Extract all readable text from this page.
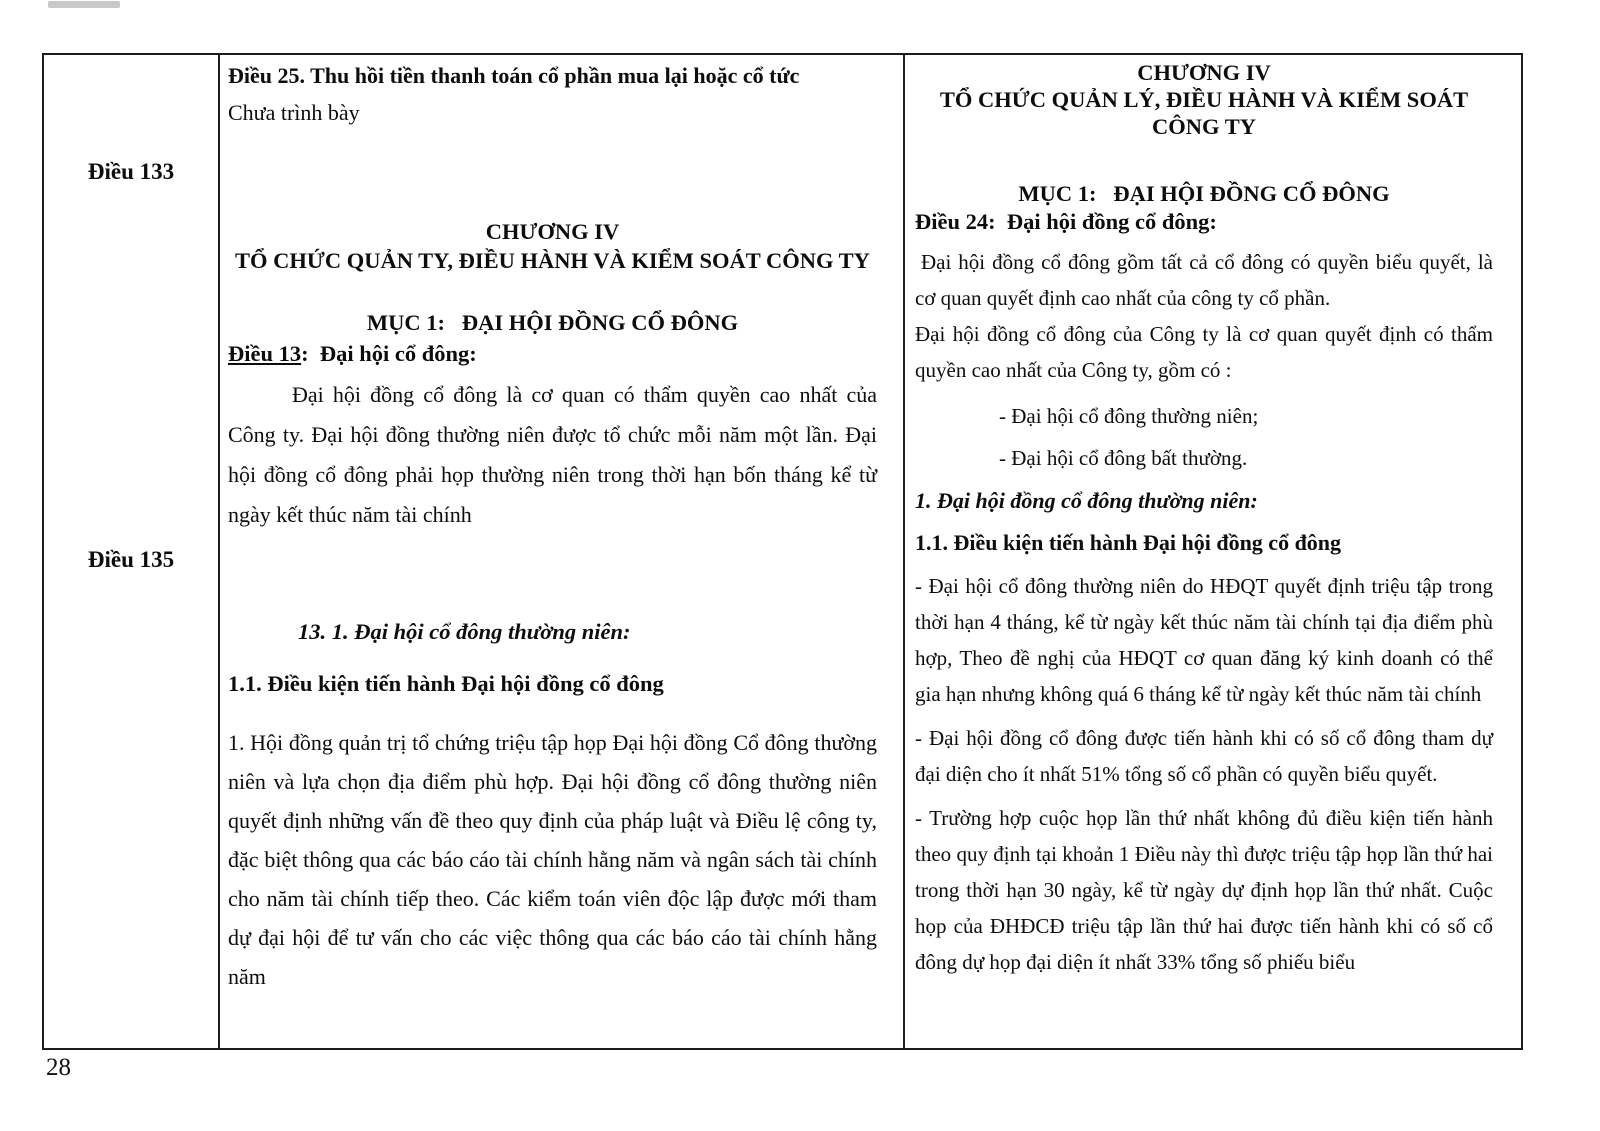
Điều 133
Điều 135
Điều 25. Thu hồi tiền thanh toán cổ phần mua lại hoặc cổ tức
Chưa trình bày
CHƯƠNG IV
TỔ CHỨC QUẢN TY, ĐIỀU HÀNH VÀ KIỂM SOÁT CÔNG TY
MỤC 1:   ĐẠI HỘI ĐỒNG CỔ ĐÔNG
Điều 13:  Đại hội cổ đông:
Đại hội đồng cổ đông là cơ quan có thẩm quyền cao nhất của Công ty. Đại hội đồng thường niên được tổ chức mỗi năm một lần. Đại hội đồng cổ đông phải họp thường niên trong thời hạn bốn tháng kể từ ngày kết thúc năm tài chính
13. 1. Đại hội cổ đông thường niên:
1.1. Điều kiện tiến hành Đại hội đồng cổ đông
1. Hội đồng quản trị tổ chứng triệu tập họp Đại hội đồng Cổ đông thường niên và lựa chọn địa điểm phù hợp. Đại hội đồng cổ đông thường niên quyết định những vấn đề theo quy định của pháp luật và Điều lệ công ty, đặc biệt thông qua các báo cáo tài chính hằng năm và ngân sách tài chính cho năm tài chính tiếp theo. Các kiểm toán viên độc lập được mới tham dự đại hội để tư vấn cho các việc thông qua các báo cáo tài chính hằng năm
CHƯƠNG IV
TỔ CHỨC QUẢN LÝ, ĐIỀU HÀNH VÀ KIỂM SOÁT
CÔNG TY
MỤC 1:   ĐẠI HỘI ĐỒNG CỔ ĐÔNG
Điều 24:  Đại hội đồng cổ đông:
Đại hội đồng cổ đông gồm tất cả cổ đông có quyền biểu quyết, là cơ quan quyết định cao nhất của công ty cổ phần.
Đại hội đồng cổ đông của Công ty là cơ quan quyết định có thẩm quyền cao nhất của Công ty, gồm có :
- Đại hội cổ đông thường niên;
- Đại hội cổ đông bất thường.
1. Đại hội đồng cổ đông thường niên:
1.1. Điều kiện tiến hành Đại hội đồng cổ đông
- Đại hội cổ đông thường niên do HĐQT quyết định triệu tập trong thời hạn 4 tháng, kể từ ngày kết thúc năm tài chính tại địa điểm phù hợp, Theo đề nghị của HĐQT cơ quan đăng ký kinh doanh có thể gia hạn nhưng không quá 6 tháng kể từ ngày kết thúc năm tài chính
- Đại hội đồng cổ đông được tiến hành khi có số cổ đông tham dự đại diện cho ít nhất 51% tổng số cổ phần có quyền biểu quyết.
- Trường hợp cuộc họp lần thứ nhất không đủ điều kiện tiến hành theo quy định tại khoản 1 Điều này thì được triệu tập họp lần thứ hai trong thời hạn 30 ngày, kể từ ngày dự định họp lần thứ nhất. Cuộc họp của ĐHĐCĐ triệu tập lần thứ hai được tiến hành khi có số cổ đông dự họp đại diện ít nhất 33% tổng số phiếu biểu
28
